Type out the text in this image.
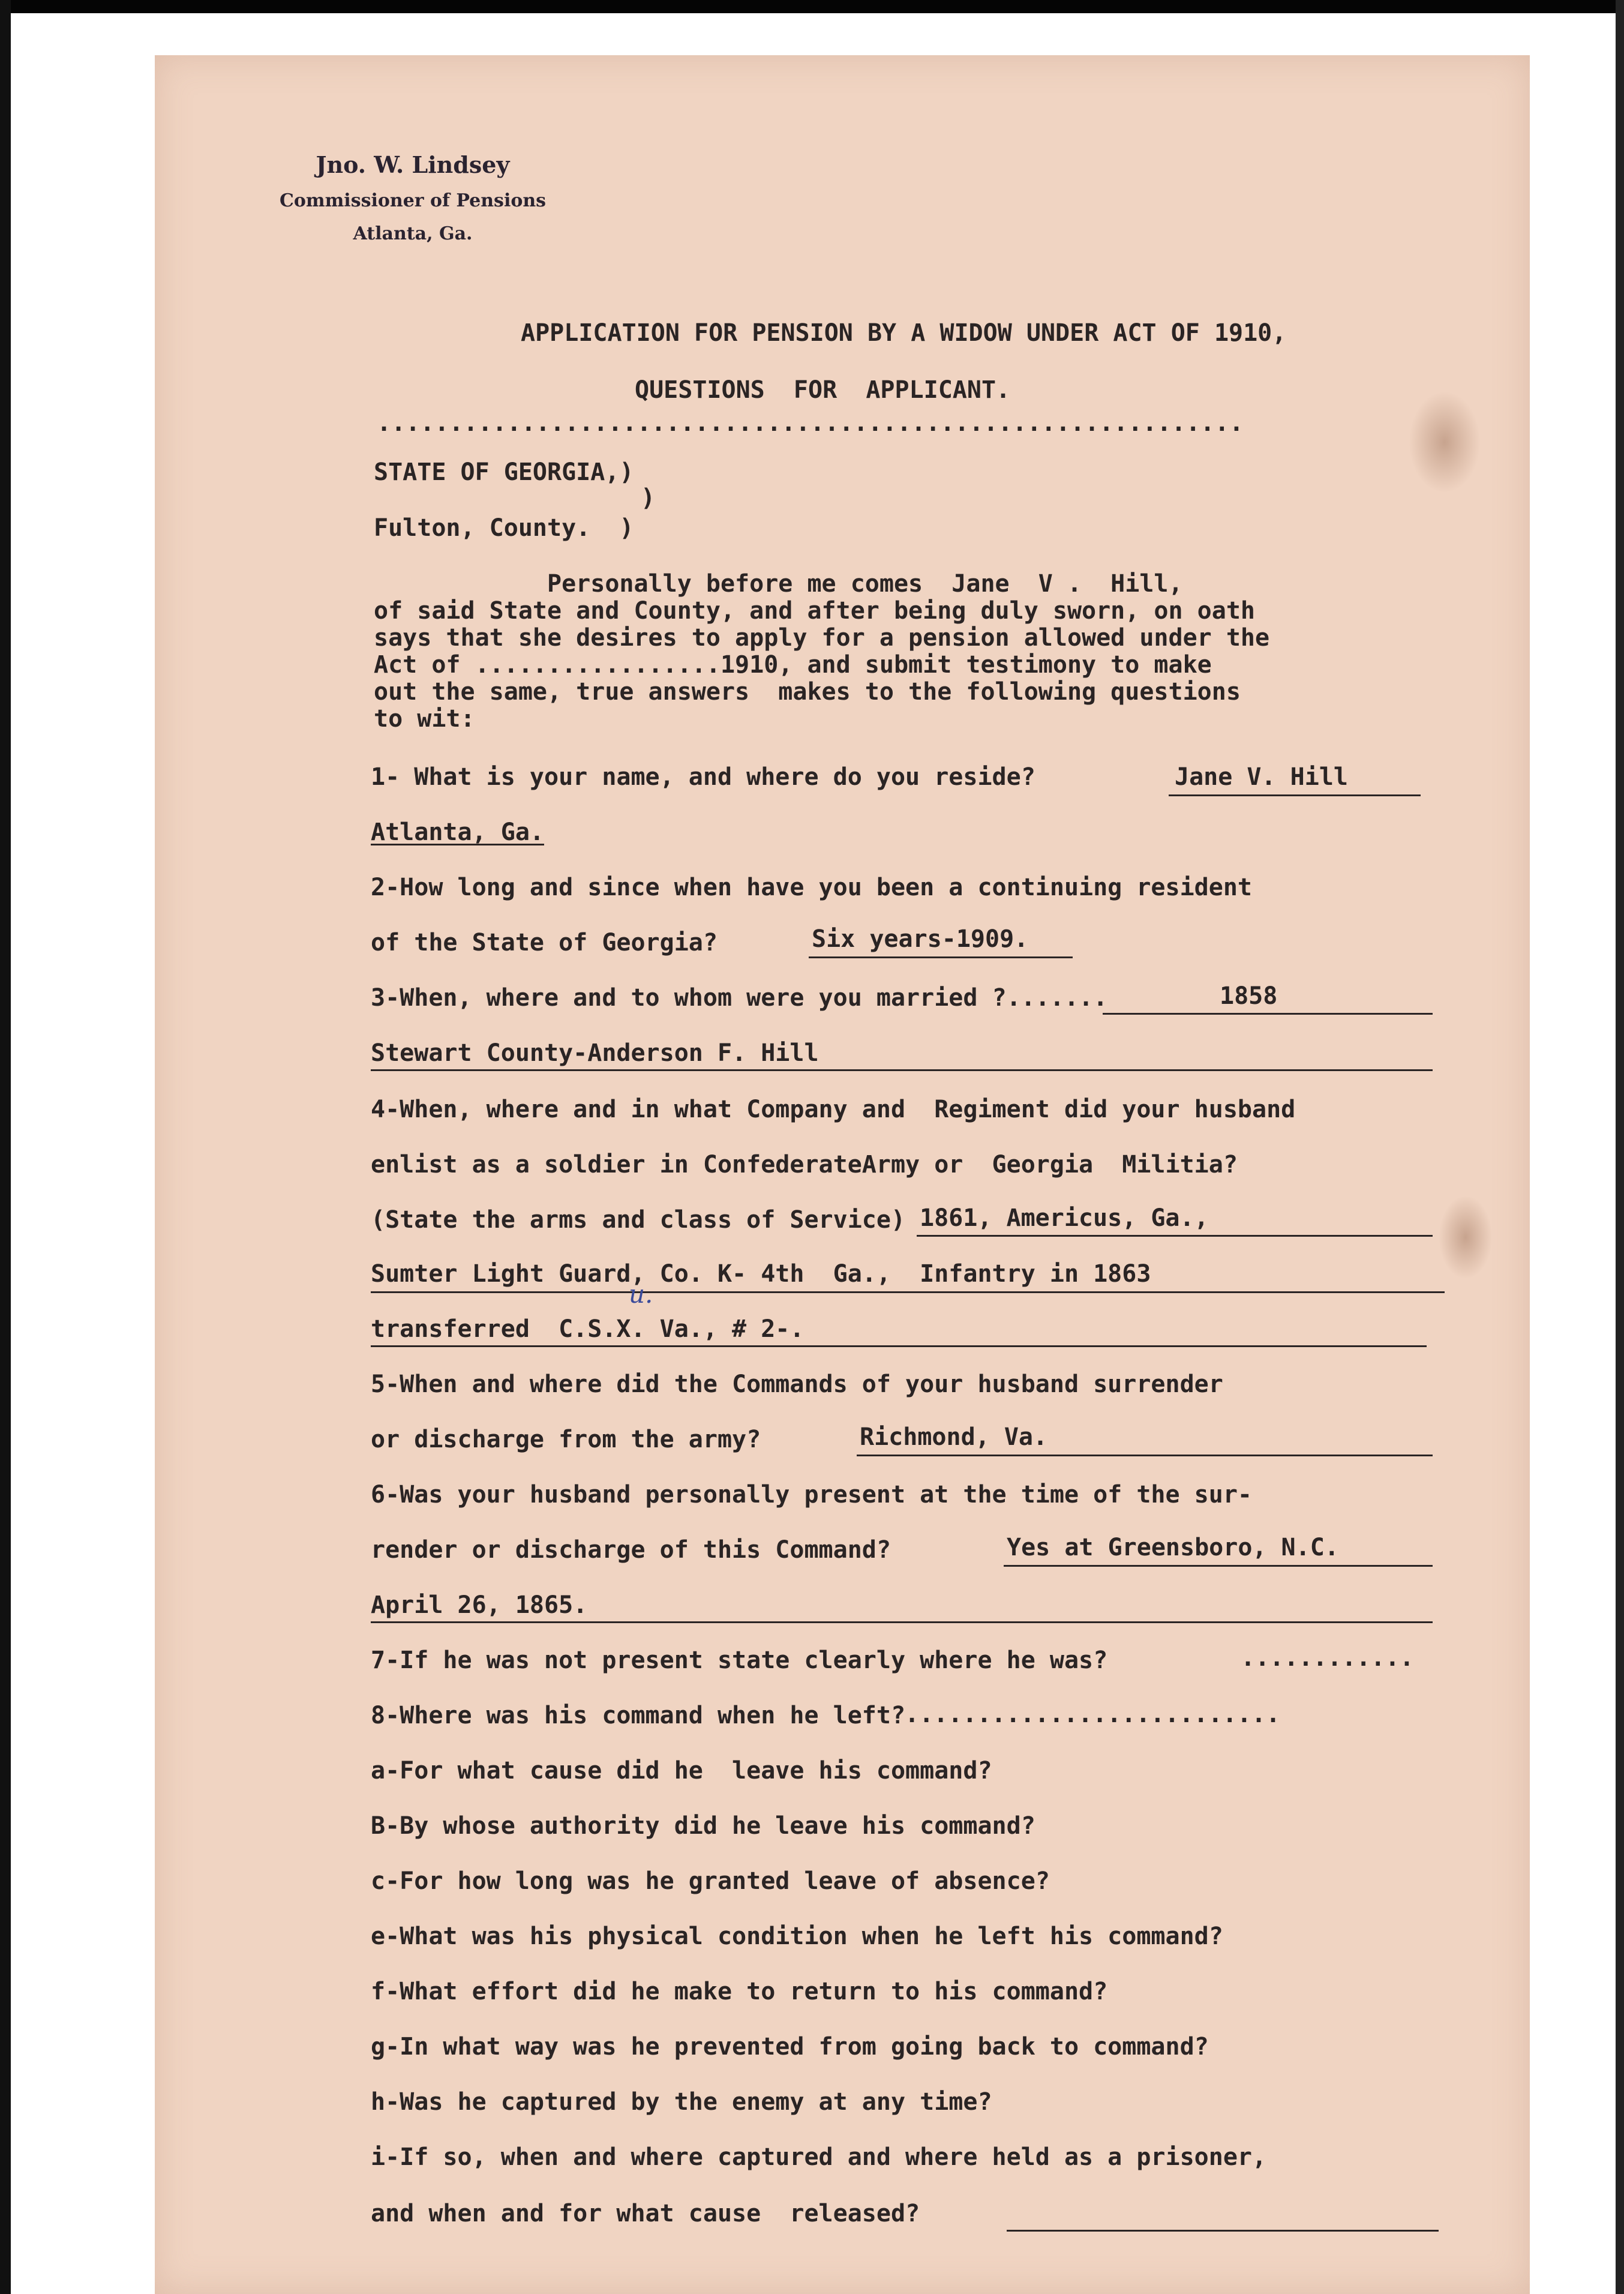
Jno. W. Lindsey
Commissioner of Pensions
Atlanta, Ga.
APPLICATION FOR PENSION BY A WIDOW UNDER ACT OF 1910,
QUESTIONS  FOR  APPLICANT.
............................................................
STATE OF GEORGIA,)
)
Fulton, County.  )
Personally before me comes  Jane  V .  Hill,
of said State and County, and after being duly sworn, on oath
says that she desires to apply for a pension allowed under the
Act of .................1910, and submit testimony to make
out the same, true answers  makes to the following questions
to wit:
1- What is your name, and where do you reside?	Jane V. Hill
Atlanta, Ga.
2-How long and since when have you been a continuing resident
of the State of Georgia?	Six years-1909.
3-When, where and to whom were you married ?.......	1858
Stewart County-Anderson F. Hill
4-When, where and in what Company and  Regiment did your husband
enlist as a soldier in ConfederateArmy or  Georgia  Militia?
(State the arms and class of Service) 1861, Americus, Ga.,
Sumter Light Guard, Co. K- 4th  Ga.,  Infantry in 1863
u.
transferred  C.S.X. Va., # 2-.
5-When and where did the Commands of your husband surrender
or discharge from the army?	Richmond, Va.
6-Was your husband personally present at the time of the sur-
render or discharge of this Command?	Yes at Greensboro, N.C.
April 26, 1865.
7-If he was not present state clearly where he was?	............
8-Where was his command when he left?
..........................
a-For what cause did he  leave his command?
B-By whose authority did he leave his command?
c-For how long was he granted leave of absence?
e-What was his physical condition when he left his command?
f-What effort did he make to return to his command?
g-In what way was he prevented from going back to command?
h-Was he captured by the enemy at any time?
i-If so, when and where captured and where held as a prisoner,
and when and for what cause  released?
